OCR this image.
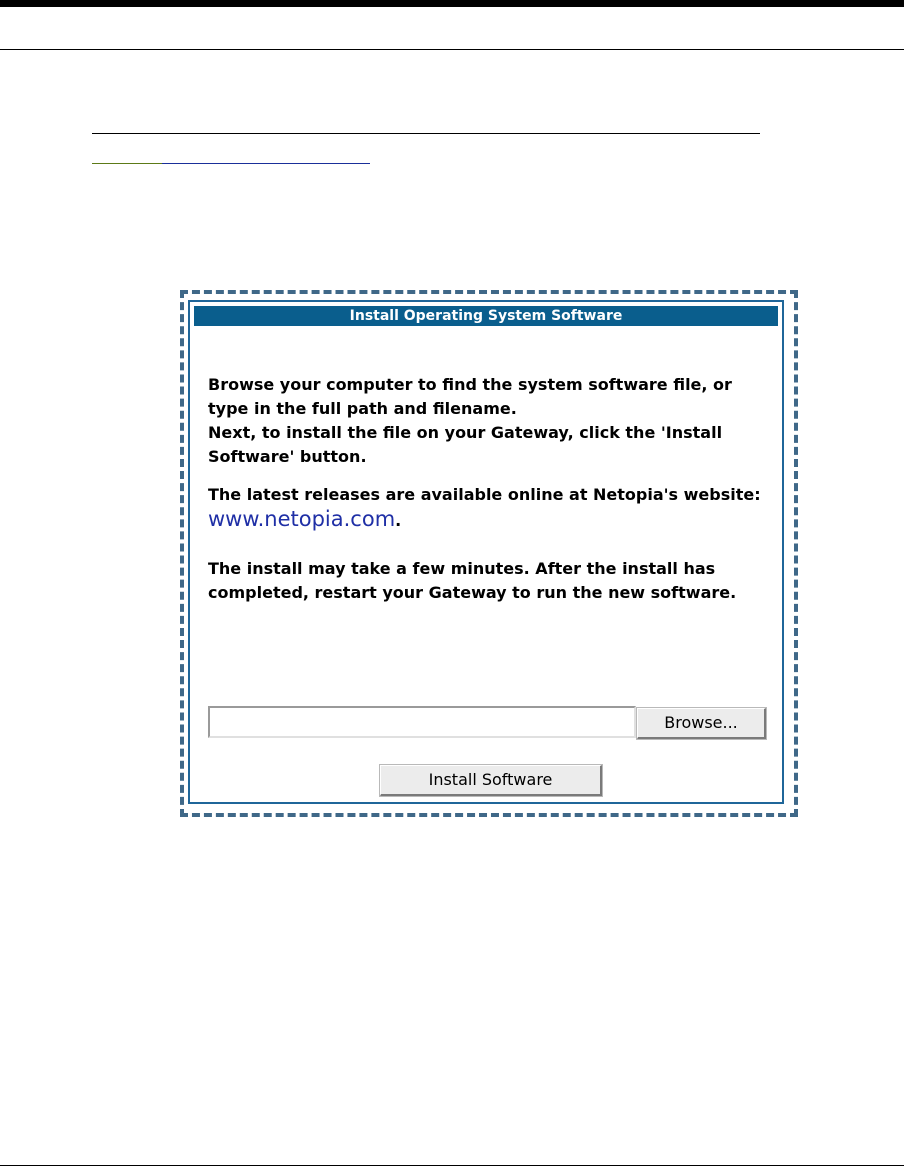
Install Operating System Software

Browse your computer to find the system software file, or type in the full path and filename.
Next, to install the file on your Gateway, click the 'Install Software' button.

The latest releases are available online at Netopia's website: www.netopia.com.

The install may take a few minutes. After the install has completed, restart your Gateway to run the new software.

Browse...
Install Software
